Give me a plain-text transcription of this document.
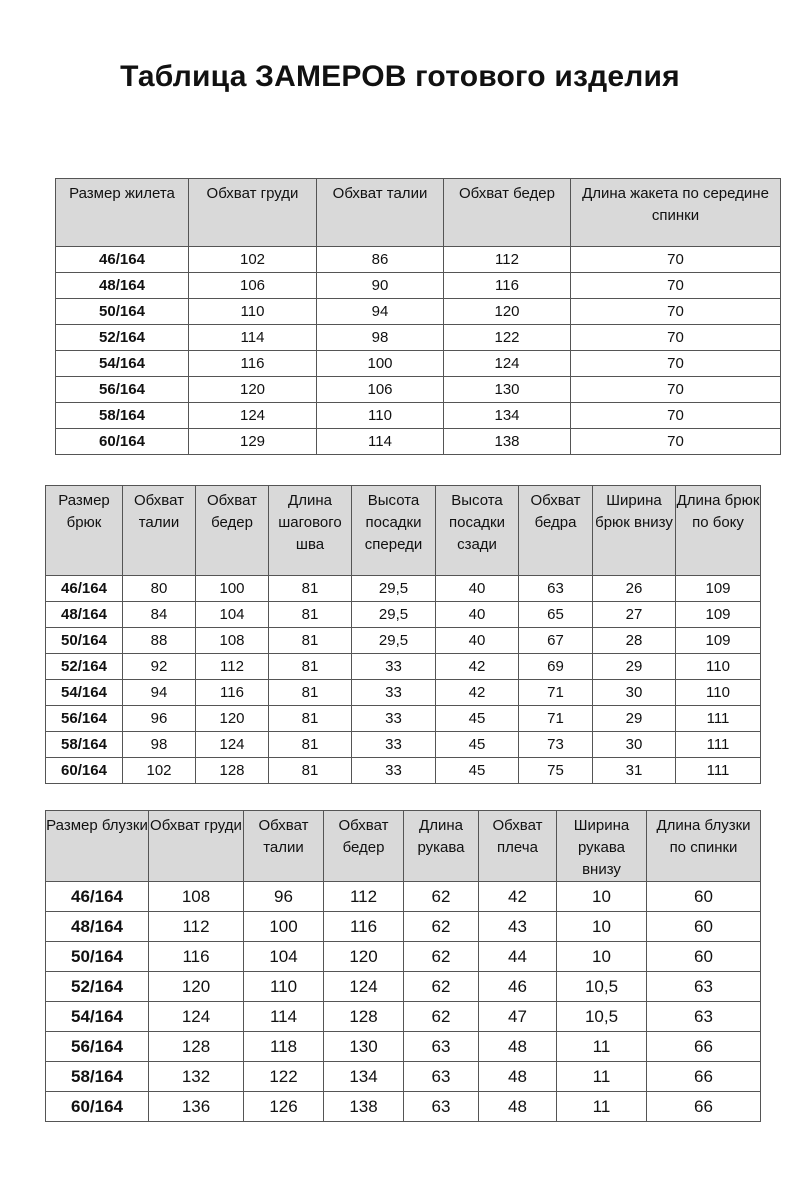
Таблица ЗАМЕРОВ готового изделия
Размер жилета	Обхват груди	Обхват талии	Обхват бедер	Длина жакета по середине спинки
46/164	102	86	112	70
48/164	106	90	116	70
50/164	110	94	120	70
52/164	114	98	122	70
54/164	116	100	124	70
56/164	120	106	130	70
58/164	124	110	134	70
60/164	129	114	138	70
Размер брюк	Обхват талии	Обхват бедер	Длина шагового шва	Высота посадки спереди	Высота посадки сзади	Обхват бедра	Ширина брюк внизу	Длина брюк по боку
46/164	80	100	81	29,5	40	63	26	109
48/164	84	104	81	29,5	40	65	27	109
50/164	88	108	81	29,5	40	67	28	109
52/164	92	112	81	33	42	69	29	110
54/164	94	116	81	33	42	71	30	110
56/164	96	120	81	33	45	71	29	111
58/164	98	124	81	33	45	73	30	111
60/164	102	128	81	33	45	75	31	111
Размер блузки	Обхват груди	Обхват талии	Обхват бедер	Длина рукава	Обхват плеча	Ширина рукава внизу	Длина блузки по спинки
46/164	108	96	112	62	42	10	60
48/164	112	100	116	62	43	10	60
50/164	116	104	120	62	44	10	60
52/164	120	110	124	62	46	10,5	63
54/164	124	114	128	62	47	10,5	63
56/164	128	118	130	63	48	11	66
58/164	132	122	134	63	48	11	66
60/164	136	126	138	63	48	11	66
